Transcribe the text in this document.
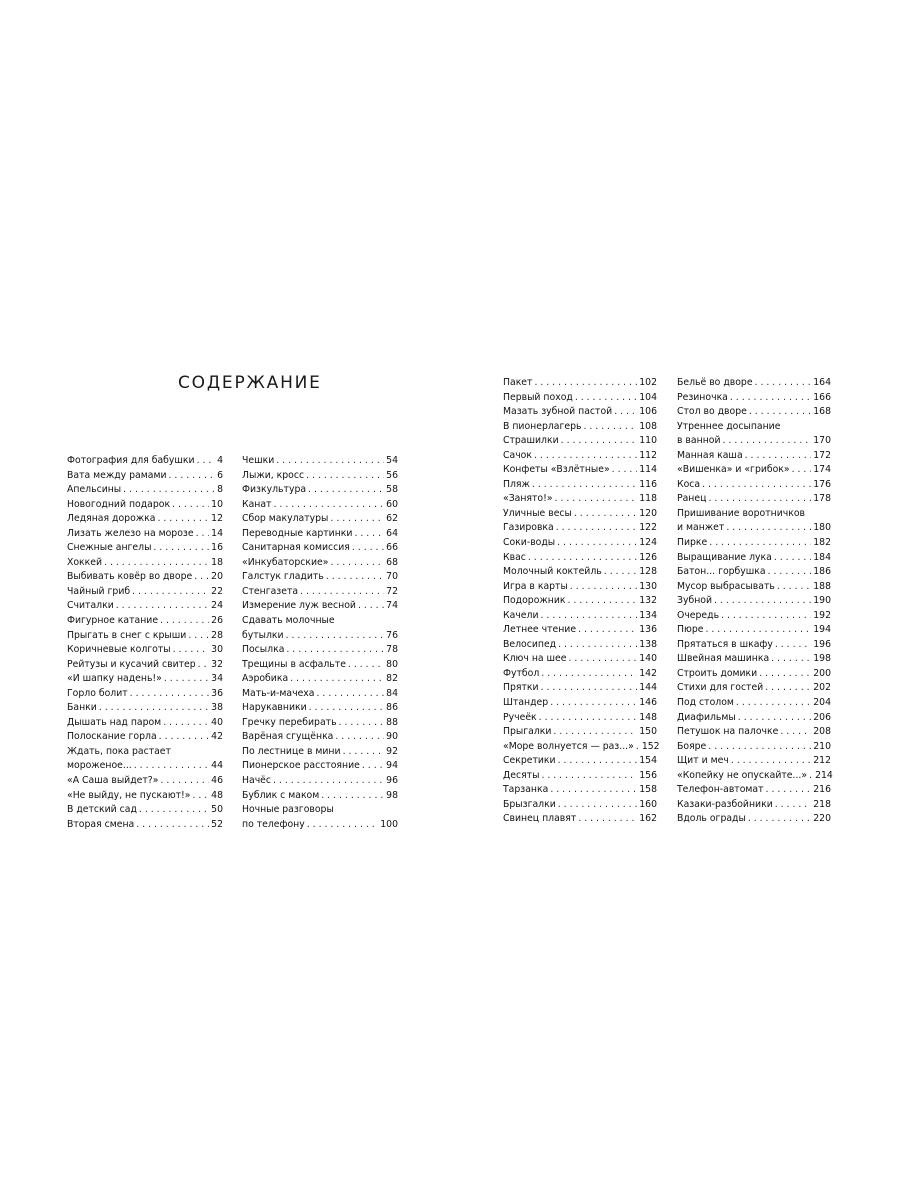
СОДЕРЖАНИЕ
Фотография для бабушки . . . 4
Вата между рамами . . .	6
Апельсины . . .	8
Новогодний подарок . . .	10
Ледяная дорожка . . .	12
Лизать железо на морозе . . . 14
Снежные ангелы . . .	16
Хоккей . . .	18
Выбивать ковёр во дворе . . . 20
Чайный гриб . . .	22
Считалки . . .	24
Фигурное катание . . .	26
Прыгать в снег с крыши . . .	28
Коричневые колготы . . .	30
Рейтузы и кусачий свитер . . . 32
«И шапку надень!» . . .	34
Горло болит . . .	36
Банки . . .	38
Дышать над паром . . .	40
Полоскание горла . . .	42
Ждать, пока растает
мороженое... . . .	44
«А Саша выйдет?» . . .	46
«Не выйду, не пускают!» . . . 48
В детский сад . . .	50
Вторая смена . . .	52
Чешки . . .	54
Лыжи, кросс . . .	56
Физкультура . . .	58
Канат . . .	60
Сбор макулатуры . . .	62
Переводные картинки . . .	64
Санитарная комиссия . . .	66
«Инкубаторские» . . .	68
Галстук гладить . . .	70
Стенгазета . . .	72
Измерение луж весной . . .	74
Сдавать молочные
бутылки . . .	76
Посылка . . .	78
Трещины в асфальте . . .	80
Аэробика . . .	82
Мать-и-мачеха . . .	84
Нарукавники . . .	86
Гречку перебирать . . .	88
Варёная сгущёнка . . .	90
По лестнице в мини . . .	92
Пионерское расстояние . . .	94
Начёс . . .	96
Бублик с маком . . .	98
Ночные разговоры
по телефону . . .	100
Пакет . . .	102
Первый поход . . .	104
Мазать зубной пастой . . .	106
В пионерлагерь . . .	108
Страшилки . . .	110
Сачок . . .	112
Конфеты «Взлётные» . . .	114
Пляж . . .	116
«Занято!» . . .	118
Уличные весы . . .	120
Газировка . . .	122
Соки-воды . . .	124
Квас . . .	126
Молочный коктейль . . .	128
Игра в карты . . .	130
Подорожник . . .	132
Качели . . .	134
Летнее чтение . . .	136
Велосипед . . .	138
Ключ на шее . . .	140
Футбол . . .	142
Прятки . . .	144
Штандер . . .	146
Ручеёк . . .	148
Прыгалки . . .	150
«Море волнуется — раз...» . . . 152
Секретики . . .	154
Десяты . . .	156
Тарзанка . . .	158
Брызгалки . . .	160
Свинец плавят . . .	162
Бельё во дворе . . .	164
Резиночка . . .	166
Стол во дворе . . .	168
Утреннее досыпание
в ванной . . .	170
Манная каша . . .	172
«Вишенка» и «грибок» . . .	174
Коса . . .	176
Ранец . . .	178
Пришивание воротничков
и манжет . . .	180
Пирке . . .	182
Выращивание лука . . .	184
Батон... горбушка . . .	186
Мусор выбрасывать . . .	188
Зубной . . .	190
Очередь . . .	192
Пюре . . .	194
Прятаться в шкафу . . .	196
Швейная машинка . . .	198
Строить домики . . .	200
Стихи для гостей . . .	202
Под столом . . .	204
Диафильмы . . .	206
Петушок на палочке . . .	208
Бояре . . .	210
Щит и меч . . .	212
«Копейку не опускайте...» . . . 214
Телефон-автомат . . .	216
Казаки-разбойники . . .	218
Вдоль ограды . . .	220
